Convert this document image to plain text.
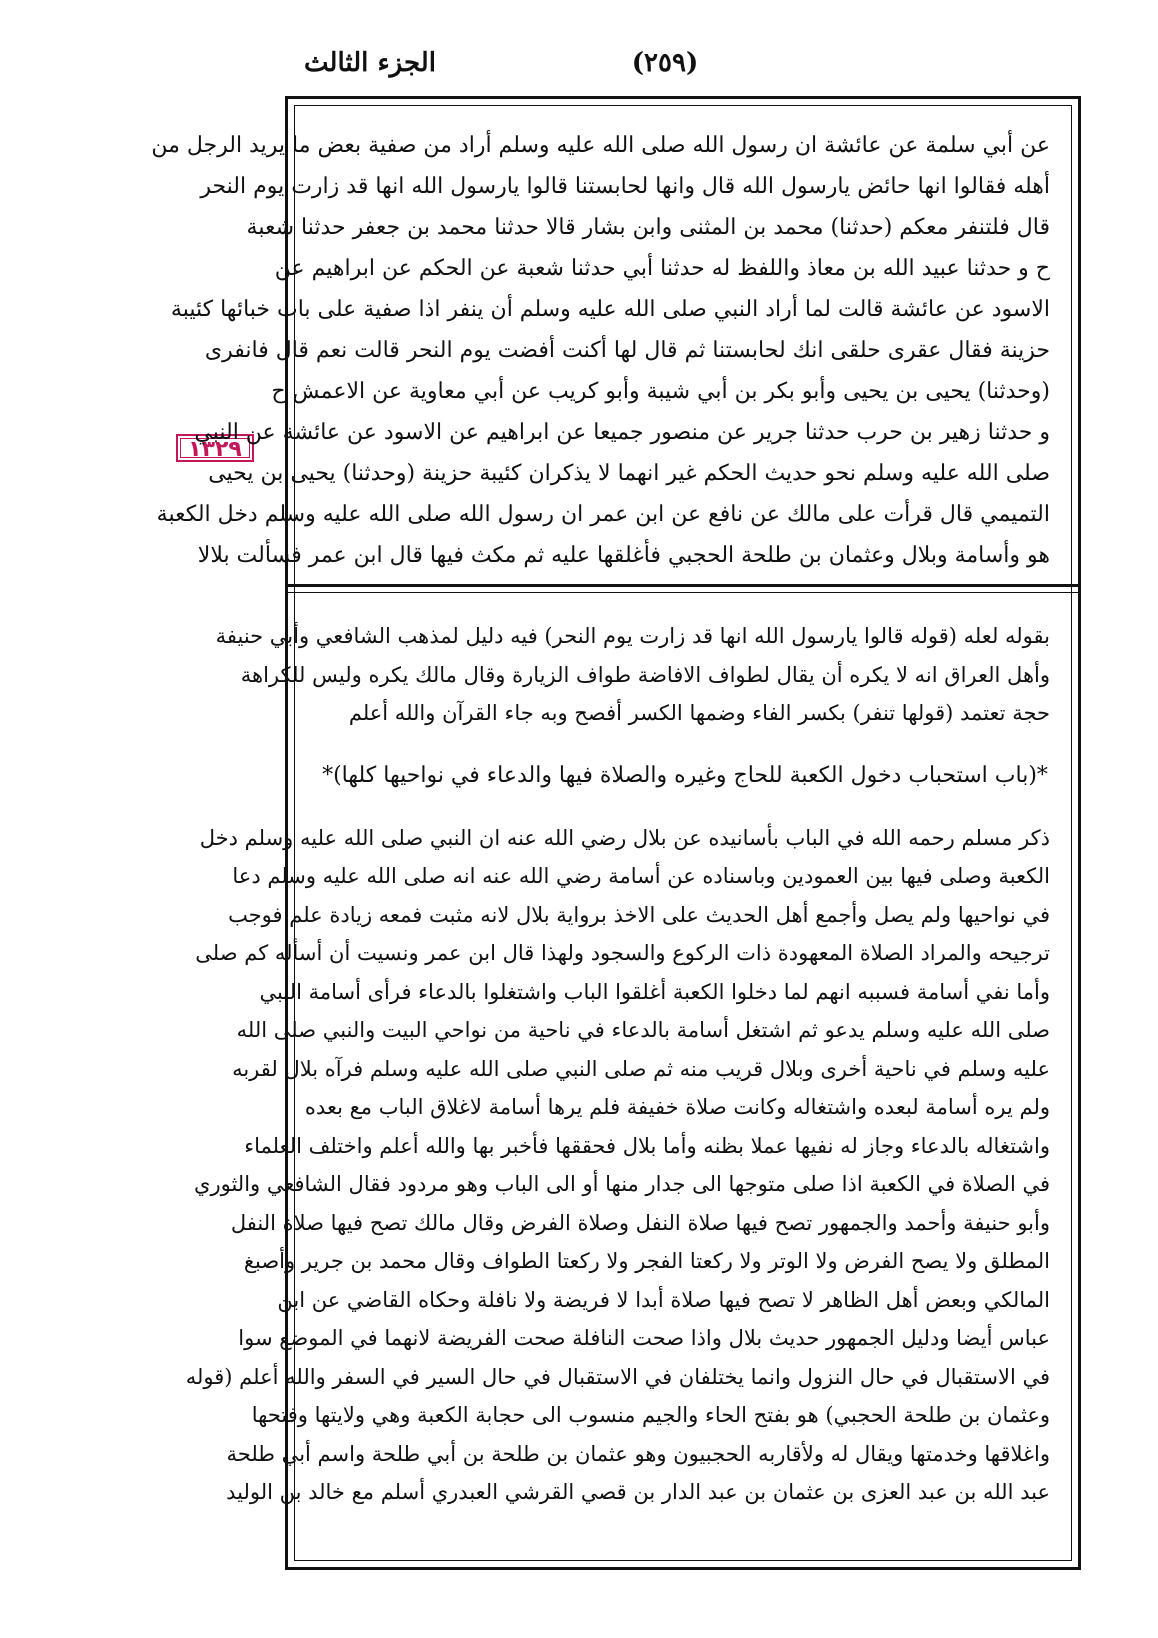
الجزء الثالث	(٢٥٩)
١٣٢٩
عن أبي سلمة عن عائشة ان رسول الله صلى الله عليه وسلم أراد من صفية بعض ما يريد الرجل من
أهله فقالوا انها حائض يارسول الله قال وانها لحابستنا قالوا يارسول الله انها قد زارت يوم النحر
قال فلتنفر معكم (حدثنا) محمد بن المثنى وابن بشار قالا حدثنا محمد بن جعفر حدثنا شعبة
ح و حدثنا عبيد الله بن معاذ واللفظ له حدثنا أبي حدثنا شعبة عن الحكم عن ابراهيم عن
الاسود عن عائشة قالت لما أراد النبي صلى الله عليه وسلم أن ينفر اذا صفية على باب خبائها كئيبة
حزينة فقال عقرى حلقى انك لحابستنا ثم قال لها أكنت أفضت يوم النحر قالت نعم قال فانفرى
(وحدثنا) يحيى بن يحيى وأبو بكر بن أبي شيبة وأبو كريب عن أبي معاوية عن الاعمش ح
و حدثنا زهير بن حرب حدثنا جرير عن منصور جميعا عن ابراهيم عن الاسود عن عائشة عن النبي
صلى الله عليه وسلم نحو حديث الحكم غير انهما لا يذكران كئيبة حزينة (وحدثنا) يحيى بن يحيى
التميمي قال قرأت على مالك عن نافع عن ابن عمر ان رسول الله صلى الله عليه وسلم دخل الكعبة
هو وأسامة وبلال وعثمان بن طلحة الحجبي فأغلقها عليه ثم مكث فيها قال ابن عمر فسألت بلالا
بقوله لعله (قوله قالوا يارسول الله انها قد زارت يوم النحر) فيه دليل لمذهب الشافعي وأبي حنيفة
وأهل العراق انه لا يكره أن يقال لطواف الافاضة طواف الزيارة وقال مالك يكره وليس للكراهة
حجة تعتمد (قولها تنفر) بكسر الفاء وضمها الكسر أفصح وبه جاء القرآن والله أعلم
*(باب استحباب دخول الكعبة للحاج وغيره والصلاة فيها والدعاء في نواحيها كلها)*
ذكر مسلم رحمه الله في الباب بأسانيده عن بلال رضي الله عنه ان النبي صلى الله عليه وسلم دخل
الكعبة وصلى فيها بين العمودين وباسناده عن أسامة رضي الله عنه انه صلى الله عليه وسلم دعا
في نواحيها ولم يصل وأجمع أهل الحديث على الاخذ برواية بلال لانه مثبت فمعه زيادة علم فوجب
ترجيحه والمراد الصلاة المعهودة ذات الركوع والسجود ولهذا قال ابن عمر ونسيت أن أسأله كم صلى
وأما نفي أسامة فسببه انهم لما دخلوا الكعبة أغلقوا الباب واشتغلوا بالدعاء فرأى أسامة النبي
صلى الله عليه وسلم يدعو ثم اشتغل أسامة بالدعاء في ناحية من نواحي البيت والنبي صلى الله
عليه وسلم في ناحية أخرى وبلال قريب منه ثم صلى النبي صلى الله عليه وسلم فرآه بلال لقربه
ولم يره أسامة لبعده واشتغاله وكانت صلاة خفيفة فلم يرها أسامة لاغلاق الباب مع بعده
واشتغاله بالدعاء وجاز له نفيها عملا بظنه وأما بلال فحققها فأخبر بها والله أعلم واختلف العلماء
في الصلاة في الكعبة اذا صلى متوجها الى جدار منها أو الى الباب وهو مردود فقال الشافعي والثوري
وأبو حنيفة وأحمد والجمهور تصح فيها صلاة النفل وصلاة الفرض وقال مالك تصح فيها صلاة النفل
المطلق ولا يصح الفرض ولا الوتر ولا ركعتا الفجر ولا ركعتا الطواف وقال محمد بن جرير وأصبغ
المالكي وبعض أهل الظاهر لا تصح فيها صلاة أبدا لا فريضة ولا نافلة وحكاه القاضي عن ابن
عباس أيضا ودليل الجمهور حديث بلال واذا صحت النافلة صحت الفريضة لانهما في الموضع سوا
في الاستقبال في حال النزول وانما يختلفان في الاستقبال في حال السير في السفر والله أعلم (قوله
وعثمان بن طلحة الحجبي) هو بفتح الحاء والجيم منسوب الى حجابة الكعبة وهي ولايتها وفتحها
واغلاقها وخدمتها ويقال له ولأقاربه الحجبيون وهو عثمان بن طلحة بن أبي طلحة واسم أبي طلحة
عبد الله بن عبد العزى بن عثمان بن عبد الدار بن قصي القرشي العبدري أسلم مع خالد بن الوليد
